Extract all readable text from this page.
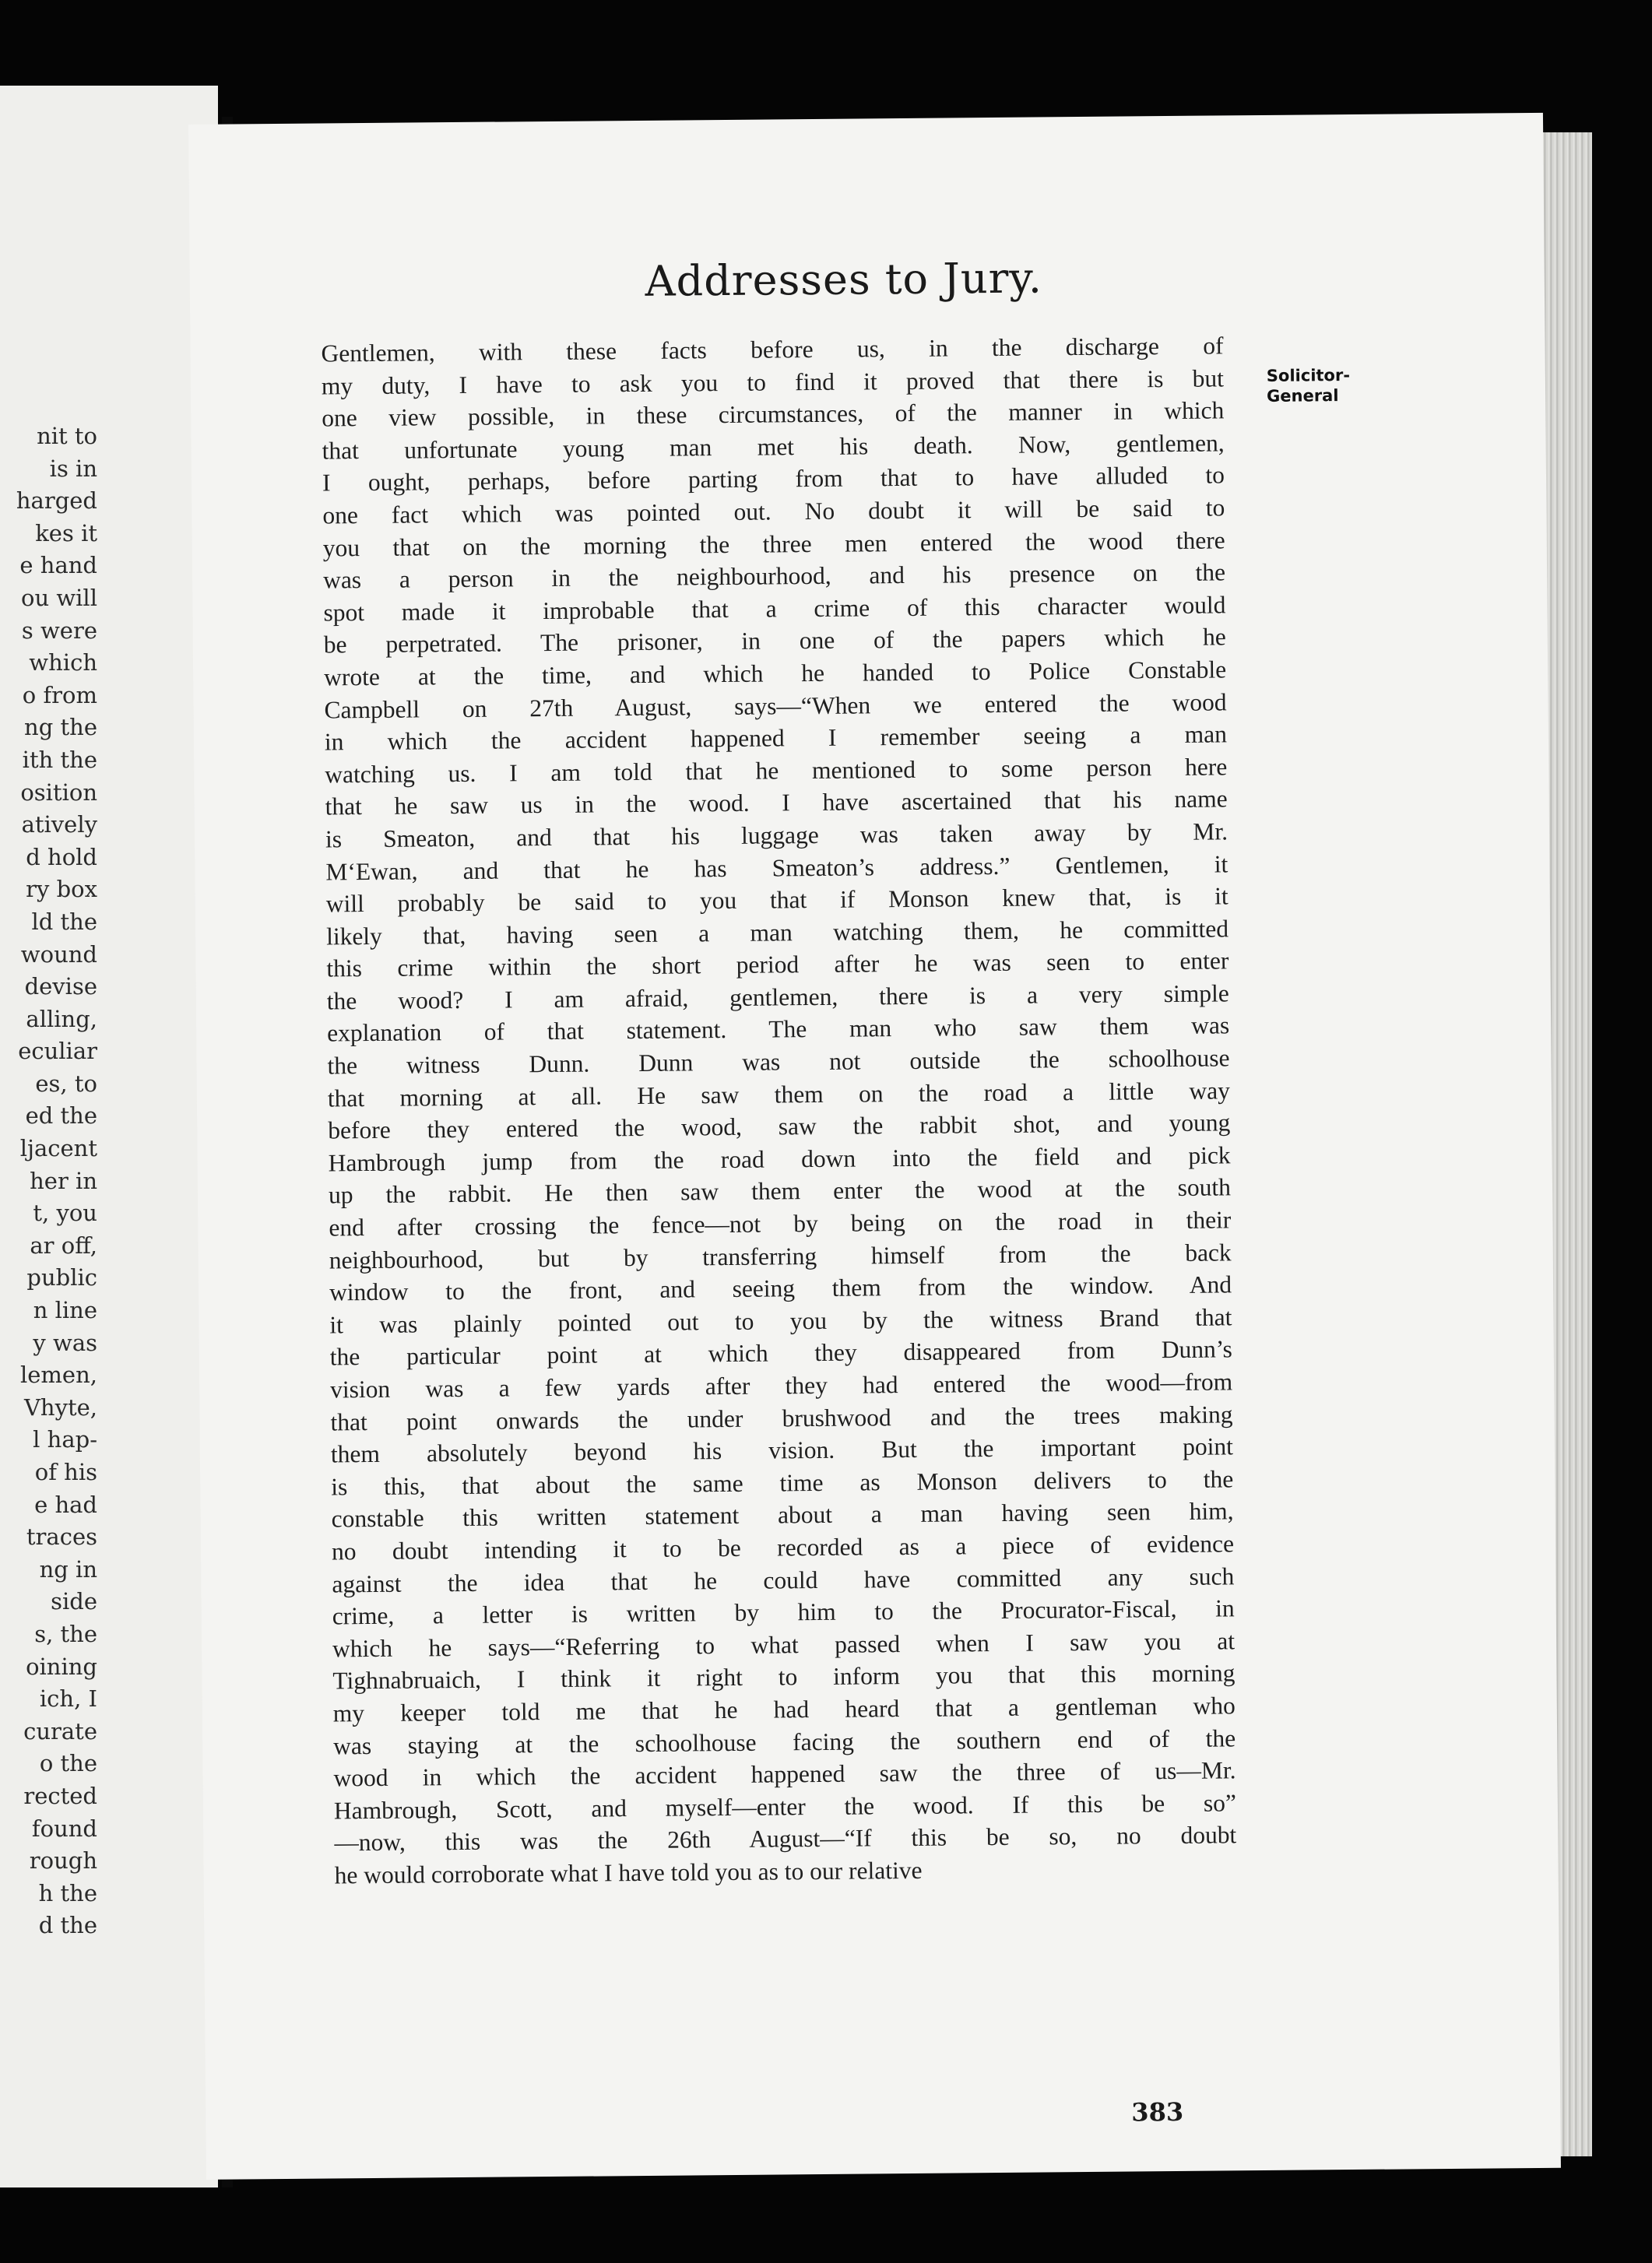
nit to
is in
harged
kes it
e hand
ou will
s were
which
o from
ng the
ith the
osition
atively
d hold
ry box
ld the
wound
devise
alling,
eculiar
es, to
ed the
ljacent
her in
t, you
ar off,
public
n line
y was
lemen,
Vhyte,
l hap-
of his
e had
traces
ng in
side
s, the
oining
ich, I
curate
o the
rected
found
rough
h the
d the
Addresses to Jury.
Gentlemen, with these facts before us, in the discharge of
my duty, I have to ask you to find it proved that there is but
one view possible, in these circumstances, of the manner in which
that unfortunate young man met his death. Now, gentlemen,
I ought, perhaps, before parting from that to have alluded to
one fact which was pointed out. No doubt it will be said to
you that on the morning the three men entered the wood there
was a person in the neighbourhood, and his presence on the
spot made it improbable that a crime of this character would
be perpetrated. The prisoner, in one of the papers which he
wrote at the time, and which he handed to Police Constable
Campbell on 27th August, says—“When we entered the wood
in which the accident happened I remember seeing a man
watching us. I am told that he mentioned to some person here
that he saw us in the wood. I have ascertained that his name
is Smeaton, and that his luggage was taken away by Mr.
M‘Ewan, and that he has Smeaton’s address.” Gentlemen, it
will probably be said to you that if Monson knew that, is it
likely that, having seen a man watching them, he committed
this crime within the short period after he was seen to enter
the wood? I am afraid, gentlemen, there is a very simple
explanation of that statement. The man who saw them was
the witness Dunn. Dunn was not outside the schoolhouse
that morning at all. He saw them on the road a little way
before they entered the wood, saw the rabbit shot, and young
Hambrough jump from the road down into the field and pick
up the rabbit. He then saw them enter the wood at the south
end after crossing the fence—not by being on the road in their
neighbourhood, but by transferring himself from the back
window to the front, and seeing them from the window. And
it was plainly pointed out to you by the witness Brand that
the particular point at which they disappeared from Dunn’s
vision was a few yards after they had entered the wood—from
that point onwards the under brushwood and the trees making
them absolutely beyond his vision. But the important point
is this, that about the same time as Monson delivers to the
constable this written statement about a man having seen him,
no doubt intending it to be recorded as a piece of evidence
against the idea that he could have committed any such
crime, a letter is written by him to the Procurator-Fiscal, in
which he says—“Referring to what passed when I saw you at
Tighnabruaich, I think it right to inform you that this morning
my keeper told me that he had heard that a gentleman who
was staying at the schoolhouse facing the southern end of the
wood in which the accident happened saw the three of us—Mr.
Hambrough, Scott, and myself—enter the wood. If this be so”
—now, this was the 26th August—“If this be so, no doubt
he would corroborate what I have told you as to our relative
Solicitor-
General
383
